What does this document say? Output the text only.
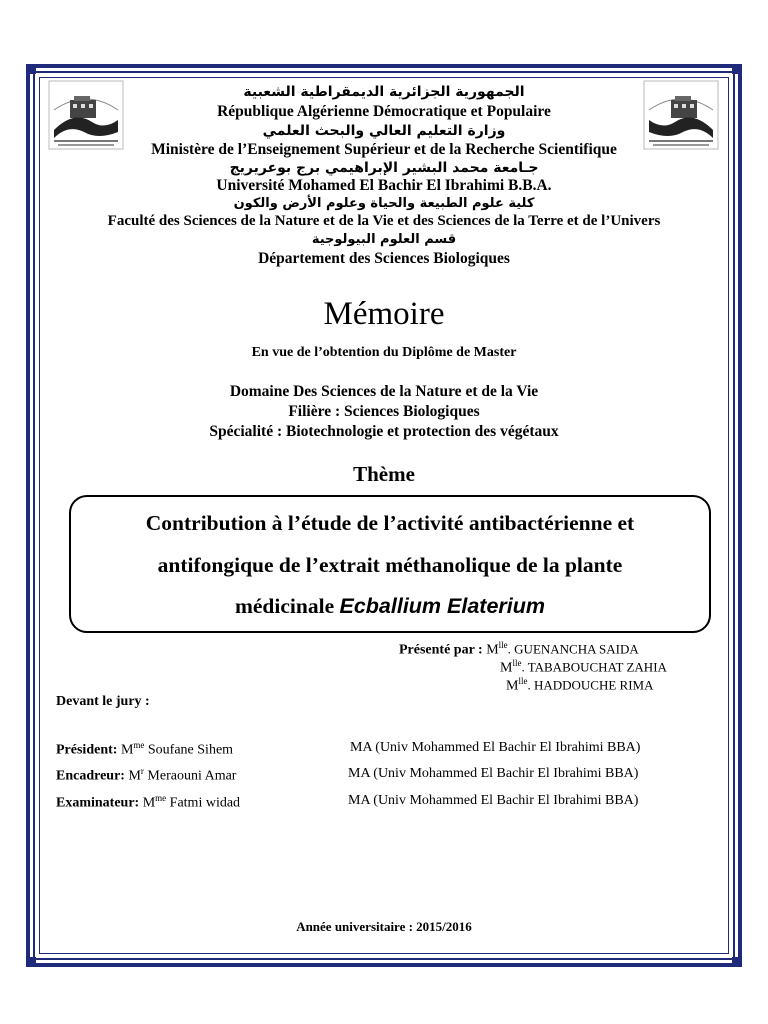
الجمهورية الجزائرية الديمقراطية الشعبية
République Algérienne Démocratique et Populaire
وزارة التعليم العالي والبحث العلمي
Ministère de l’Enseignement Supérieur et de la Recherche Scientifique
جـامعة محمد البشير الإبراهيمي برج بوعريريج
Université Mohamed El Bachir El Ibrahimi B.B.A.
كلية علوم الطبيعة والحياة وعلوم الأرض والكون
Faculté des Sciences de la Nature et de la Vie et des Sciences de la Terre et de l’Univers
قسم العلوم البيولوجية
Département des Sciences Biologiques
Mémoire
En vue de l’obtention du Diplôme de Master
Domaine Des Sciences de la Nature et de la Vie
Filière : Sciences Biologiques
Spécialité : Biotechnologie et protection des végétaux
Thème
Contribution à l’étude de l’activité antibactérienne et
antifongique de l’extrait méthanolique de la plante
médicinale Ecballium Elaterium
Présenté par : $M^{lle}$. GUENANCHA SAIDA
$M^{lle}$. TABABOUCHAT ZAHIA
$M^{lle}$. HADDOUCHE RIMA
Devant le jury :
Président: $M^{me}$ Soufane Sihem	MA (Univ Mohammed El Bachir El Ibrahimi BBA)
Encadreur: $M^r$ Meraouni Amar	MA (Univ Mohammed El Bachir El Ibrahimi BBA)
Examinateur: $M^{me}$ Fatmi widad	MA (Univ Mohammed El Bachir El Ibrahimi BBA)
Année universitaire : 2015/2016
